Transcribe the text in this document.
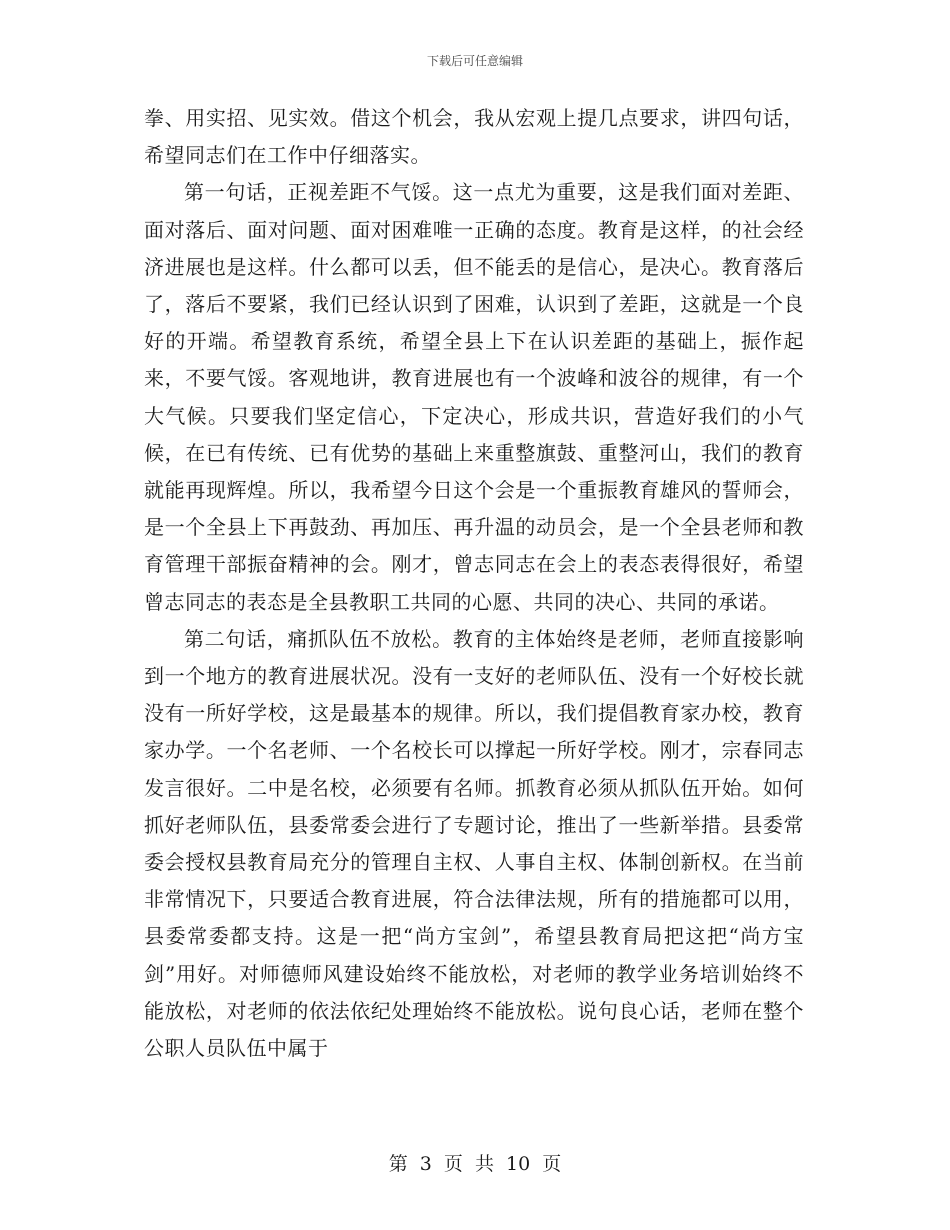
下载后可任意编辑

拳、用实招、见实效。借这个机会，我从宏观上提几点要求，讲四句话，希望同志们在工作中仔细落实。

第一句话，正视差距不气馁。这一点尤为重要，这是我们面对差距、面对落后、面对问题、面对困难唯一正确的态度。教育是这样，的社会经济进展也是这样。什么都可以丢，但不能丢的是信心，是决心。教育落后了，落后不要紧，我们已经认识到了困难，认识到了差距，这就是一个良好的开端。希望教育系统，希望全县上下在认识差距的基础上，振作起来，不要气馁。客观地讲，教育进展也有一个波峰和波谷的规律，有一个大气候。只要我们坚定信心，下定决心，形成共识，营造好我们的小气候，在已有传统、已有优势的基础上来重整旗鼓、重整河山，我们的教育就能再现辉煌。所以，我希望今日这个会是一个重振教育雄风的誓师会，是一个全县上下再鼓劲、再加压、再升温的动员会，是一个全县老师和教育管理干部振奋精神的会。刚才，曾志同志在会上的表态表得很好，希望曾志同志的表态是全县教职工共同的心愿、共同的决心、共同的承诺。

第二句话，痛抓队伍不放松。教育的主体始终是老师，老师直接影响到一个地方的教育进展状况。没有一支好的老师队伍、没有一个好校长就没有一所好学校，这是最基本的规律。所以，我们提倡教育家办校，教育家办学。一个名老师、一个名校长可以撑起一所好学校。刚才，宗春同志发言很好。二中是名校，必须要有名师。抓教育必须从抓队伍开始。如何抓好老师队伍，县委常委会进行了专题讨论，推出了一些新举措。县委常委会授权县教育局充分的管理自主权、人事自主权、体制创新权。在当前非常情况下，只要适合教育进展，符合法律法规，所有的措施都可以用，县委常委都支持。这是一把“尚方宝剑”，希望县教育局把这把“尚方宝剑”用好。对师德师风建设始终不能放松，对老师的教学业务培训始终不能放松，对老师的依法依纪处理始终不能放松。说句良心话，老师在整个公职人员队伍中属于

第 3 页 共 10 页
